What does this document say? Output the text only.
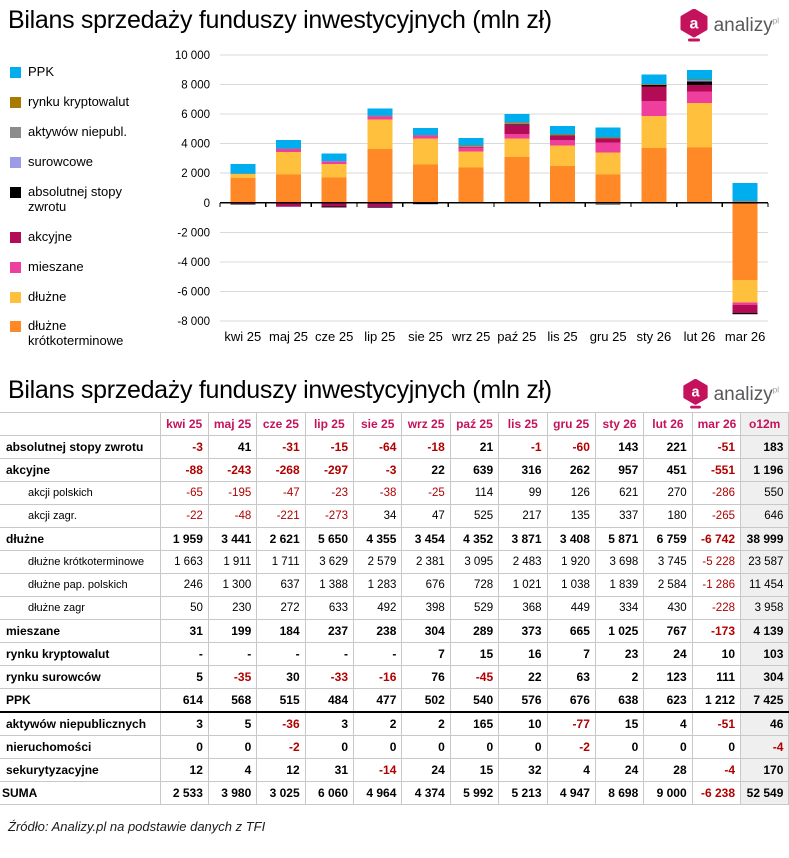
Bilans sprzedaży funduszy inwestycyjnych (mln zł)	a analizy$^{pl}$
PPK
rynku kryptowalut
aktywów niepubl.
surowcowe
absolutnej stopy zwrotu
akcyjne
mieszane
dłużne
dłużne krótkoterminowe
10 000
8 000
6 000
4 000
2 000
0
-2 000
-4 000
-6 000
-8 000
kwi 25 maj 25 cze 25 lip 25 sie 25 wrz 25 paź 25 lis 25 gru 25 sty 26 lut 26 mar 26
Bilans sprzedaży funduszy inwestycyjnych (mln zł)	a analizy$^{pl}$
	kwi 25	maj 25	cze 25	lip 25	sie 25	wrz 25	paź 25	lis 25	gru 25	sty 26	lut 26	mar 26	o12m
absolutnej stopy zwrotu	-3	41	-31	-15	-64	-18	21	-1	-60	143	221	-51	183
akcyjne	-88	-243	-268	-297	-3	22	639	316	262	957	451	-551	1 196
akcji polskich	-65	-195	-47	-23	-38	-25	114	99	126	621	270	-286	550
akcji zagr.	-22	-48	-221	-273	34	47	525	217	135	337	180	-265	646
dłużne	1 959	3 441	2 621	5 650	4 355	3 454	4 352	3 871	3 408	5 871	6 759	-6 742	38 999
dłużne krótkoterminowe	1 663	1 911	1 711	3 629	2 579	2 381	3 095	2 483	1 920	3 698	3 745	-5 228	23 587
dłużne pap. polskich	246	1 300	637	1 388	1 283	676	728	1 021	1 038	1 839	2 584	-1 286	11 454
dłużne zagr	50	230	272	633	492	398	529	368	449	334	430	-228	3 958
mieszane	31	199	184	237	238	304	289	373	665	1 025	767	-173	4 139
rynku kryptowalut	-	-	-	-	-	7	15	16	7	23	24	10	103
rynku surowców	5	-35	30	-33	-16	76	-45	22	63	2	123	111	304
PPK	614	568	515	484	477	502	540	576	676	638	623	1 212	7 425
aktywów niepublicznych	3	5	-36	3	2	2	165	10	-77	15	4	-51	46
nieruchomości	0	0	-2	0	0	0	0	0	-2	0	0	0	-4
sekurytyzacyjne	12	4	12	31	-14	24	15	32	4	24	28	-4	170
SUMA	2 533	3 980	3 025	6 060	4 964	4 374	5 992	5 213	4 947	8 698	9 000	-6 238	52 549
Źródło: Analizy.pl na podstawie danych z TFI
